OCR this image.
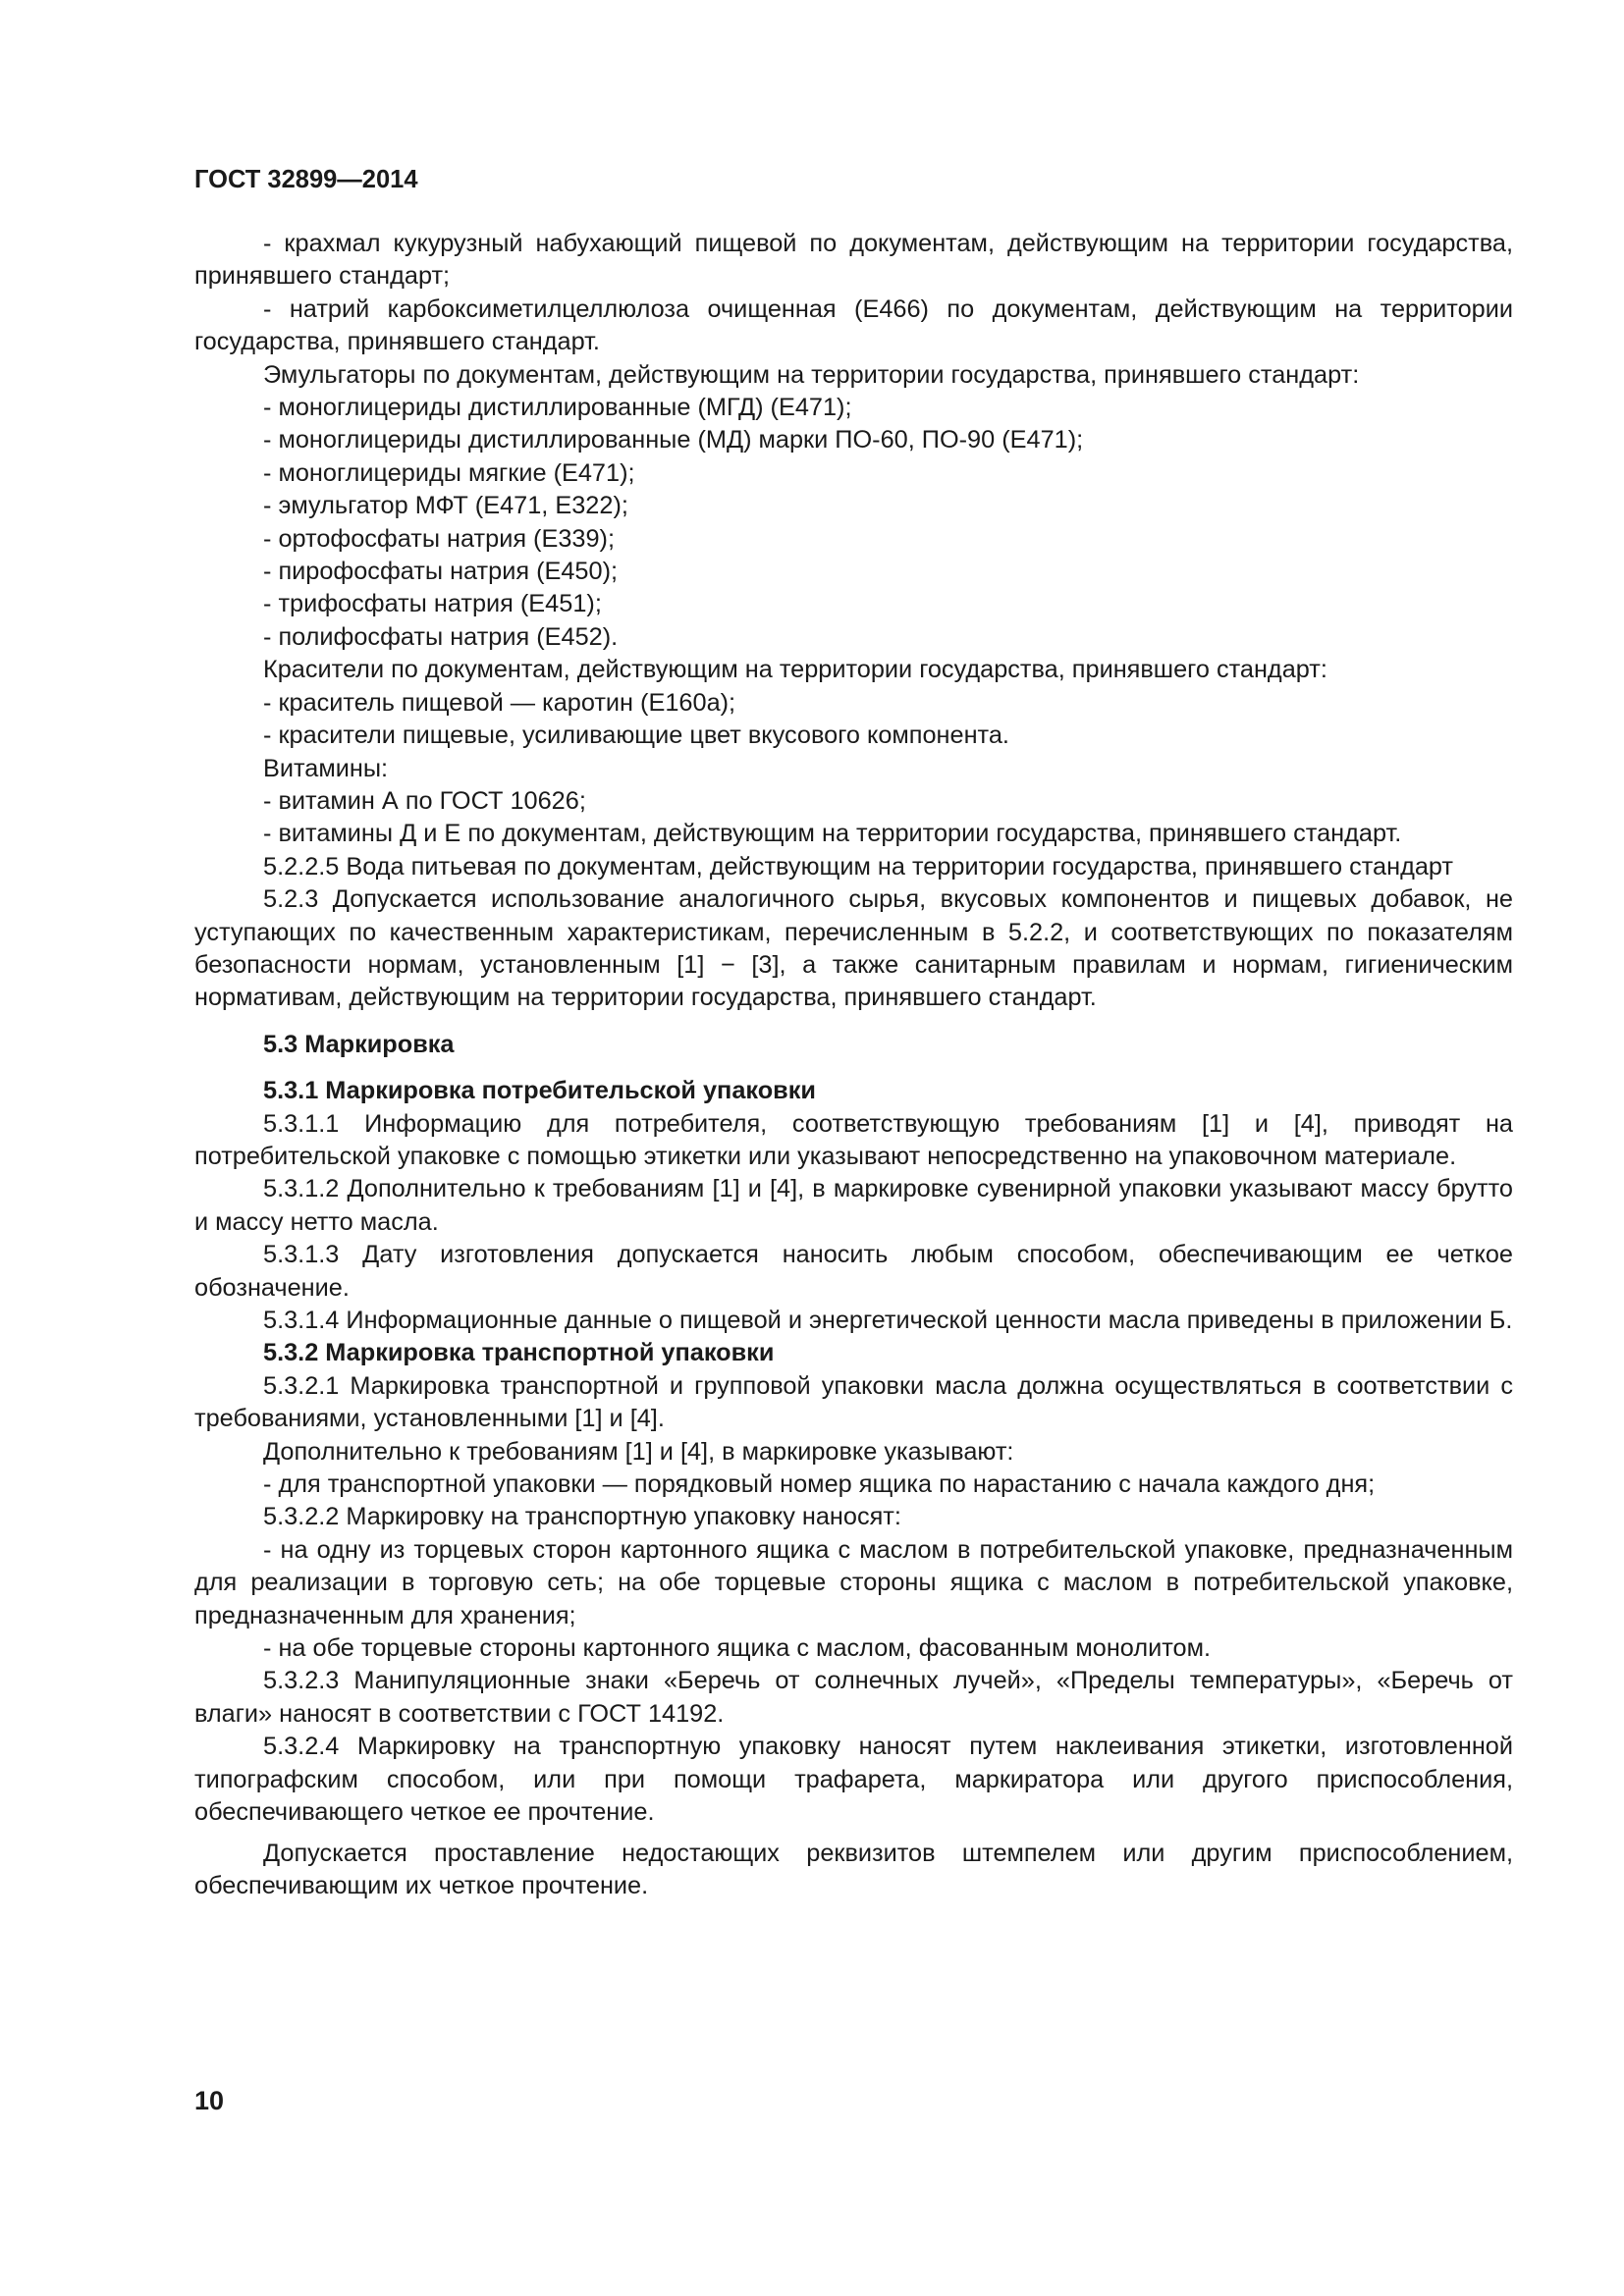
ГОСТ 32899—2014

- крахмал кукурузный набухающий пищевой по документам, действующим на территории государства, принявшего стандарт;

- натрий карбоксиметилцеллюлоза очищенная (Е466) по документам, действующим на территории государства, принявшего стандарт.

Эмульгаторы по документам, действующим на территории государства, принявшего стандарт:

- моноглицериды дистиллированные (МГД) (Е471);

- моноглицериды дистиллированные (МД) марки ПО-60, ПО-90 (Е471);

- моноглицериды мягкие (Е471);

- эмульгатор МФТ (Е471, Е322);

- ортофосфаты натрия (Е339);

- пирофосфаты натрия (Е450);

- трифосфаты натрия (Е451);

- полифосфаты натрия (Е452).

Красители по документам, действующим на территории государства, принявшего стандарт:

- краситель пищевой — каротин (Е160а);

- красители пищевые, усиливающие цвет вкусового компонента.

Витамины:

- витамин А по ГОСТ 10626;

- витамины Д и Е по документам, действующим на территории государства, принявшего стандарт.

5.2.2.5 Вода питьевая по документам, действующим на территории государства, принявшего стандарт

5.2.3 Допускается использование аналогичного сырья, вкусовых компонентов и пищевых добавок, не уступающих по качественным характеристикам, перечисленным в 5.2.2, и соответствующих по показателям безопасности нормам, установленным [1] − [3], а также санитарным правилам и нормам, гигиеническим нормативам, действующим на территории государства, принявшего стандарт.

5.3 Маркировка

5.3.1 Маркировка потребительской упаковки

5.3.1.1 Информацию для потребителя, соответствующую требованиям [1] и [4], приводят на потребительской упаковке с помощью этикетки или указывают непосредственно на упаковочном материале.

5.3.1.2 Дополнительно к требованиям [1] и [4], в маркировке сувенирной упаковки указывают массу брутто и массу нетто масла.

5.3.1.3 Дату изготовления допускается наносить любым способом, обеспечивающим ее четкое обозначение.

5.3.1.4 Информационные данные о пищевой и энергетической ценности масла приведены в приложении Б.

5.3.2 Маркировка транспортной упаковки

5.3.2.1 Маркировка транспортной и групповой упаковки масла должна осуществляться в соответствии с требованиями, установленными [1] и [4].

Дополнительно к требованиям [1] и [4], в маркировке указывают:

- для транспортной упаковки — порядковый номер ящика по нарастанию с начала каждого дня;

5.3.2.2 Маркировку на транспортную упаковку наносят:

- на одну из торцевых сторон картонного ящика с маслом в потребительской упаковке, предназначенным для реализации в торговую сеть; на обе торцевые стороны ящика с маслом в потребительской упаковке, предназначенным для хранения;

- на обе торцевые стороны картонного ящика с маслом, фасованным монолитом.

5.3.2.3 Манипуляционные знаки «Беречь от солнечных лучей», «Пределы температуры», «Беречь от влаги» наносят в соответствии с ГОСТ 14192.

5.3.2.4 Маркировку на транспортную упаковку наносят путем наклеивания этикетки, изготовленной типографским способом, или при помощи трафарета, маркиратора или другого приспособления, обеспечивающего четкое ее прочтение.

Допускается проставление недостающих реквизитов штемпелем или другим приспособлением, обеспечивающим их четкое прочтение.

10
